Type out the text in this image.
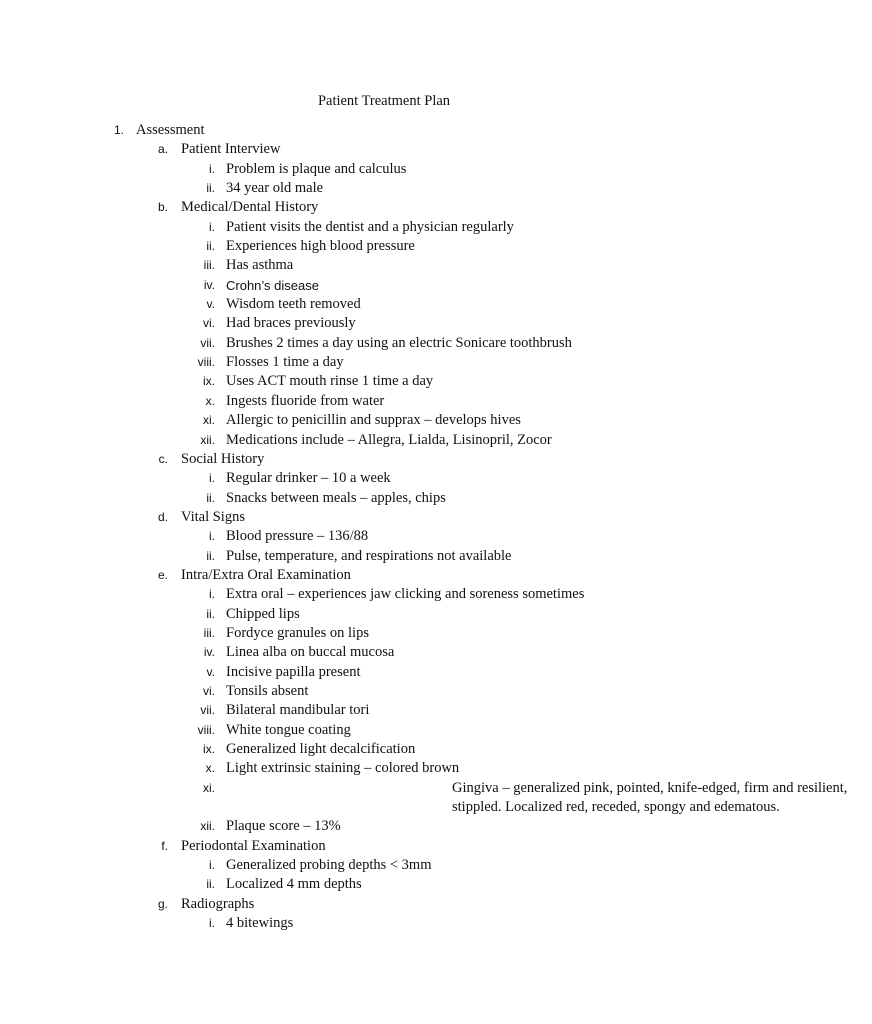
Patient Treatment Plan
1. Assessment
a. Patient Interview
i. Problem is plaque and calculus
ii. 34 year old male
b. Medical/Dental History
i. Patient visits the dentist and a physician regularly
ii. Experiences high blood pressure
iii. Has asthma
iv. Crohn’s disease
v. Wisdom teeth removed
vi. Had braces previously
vii. Brushes 2 times a day using an electric Sonicare toothbrush
viii. Flosses 1 time a day
ix. Uses ACT mouth rinse 1 time a day
x. Ingests fluoride from water
xi. Allergic to penicillin and supprax – develops hives
xii. Medications include – Allegra, Lialda, Lisinopril, Zocor
c. Social History
i. Regular drinker – 10 a week
ii. Snacks between meals – apples, chips
d. Vital Signs
i. Blood pressure – 136/88
ii. Pulse, temperature, and respirations not available
e. Intra/Extra Oral Examination
i. Extra oral – experiences jaw clicking and soreness sometimes
ii. Chipped lips
iii. Fordyce granules on lips
iv. Linea alba on buccal mucosa
v. Incisive papilla present
vi. Tonsils absent
vii. Bilateral mandibular tori
viii. White tongue coating
ix. Generalized light decalcification
x. Light extrinsic staining – colored brown
xi.	Gingiva – generalized pink, pointed, knife-edged, firm and resilient, stippled. Localized red, receded, spongy and edematous.
xii. Plaque score – 13%
f. Periodontal Examination
i. Generalized probing depths < 3mm
ii. Localized 4 mm depths
g. Radiographs
i. 4 bitewings
